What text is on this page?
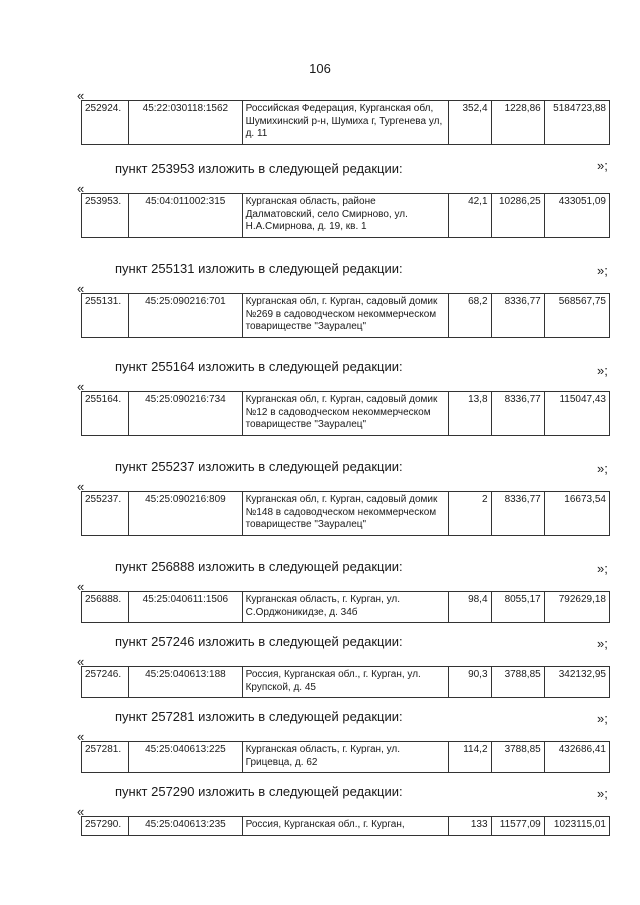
106
«
252924.	45:22:030118:1562	Российская Федерация, Курганская обл, Шумихинский р-н, Шумиха г, Тургенева ул, д. 11	352,4	1228,86	5184723,88
»;
пункт 253953 изложить в следующей редакции:
«
253953.	45:04:011002:315	Курганская область, районе Далматовский, село Смирново, ул. Н.А.Смирнова, д. 19, кв. 1	42,1	10286,25	433051,09
»;
пункт 255131 изложить в следующей редакции:
«
255131.	45:25:090216:701	Курганская обл, г. Курган, садовый домик №269 в садоводческом некоммерческом товариществе "Зауралец"	68,2	8336,77	568567,75
»;
пункт 255164 изложить в следующей редакции:
«
255164.	45:25:090216:734	Курганская обл, г. Курган, садовый домик №12 в садоводческом некоммерческом товариществе "Зауралец"	13,8	8336,77	115047,43
»;
пункт 255237 изложить в следующей редакции:
«
255237.	45:25:090216:809	Курганская обл, г. Курган, садовый домик №148 в садоводческом некоммерческом товариществе "Зауралец"	2	8336,77	16673,54
»;
пункт 256888 изложить в следующей редакции:
«
256888.	45:25:040611:1506	Курганская область, г. Курган, ул. С.Орджоникидзе, д. 34б	98,4	8055,17	792629,18
»;
пункт 257246 изложить в следующей редакции:
«
257246.	45:25:040613:188	Россия, Курганская обл., г. Курган, ул. Крупской, д. 45	90,3	3788,85	342132,95
»;
пункт 257281 изложить в следующей редакции:
«
257281.	45:25:040613:225	Курганская область, г. Курган, ул. Грицевца, д. 62	114,2	3788,85	432686,41
»;
пункт 257290 изложить в следующей редакции:
«
257290.	45:25:040613:235	Россия, Курганская обл., г. Курган,	133	11577,09	1023115,01
